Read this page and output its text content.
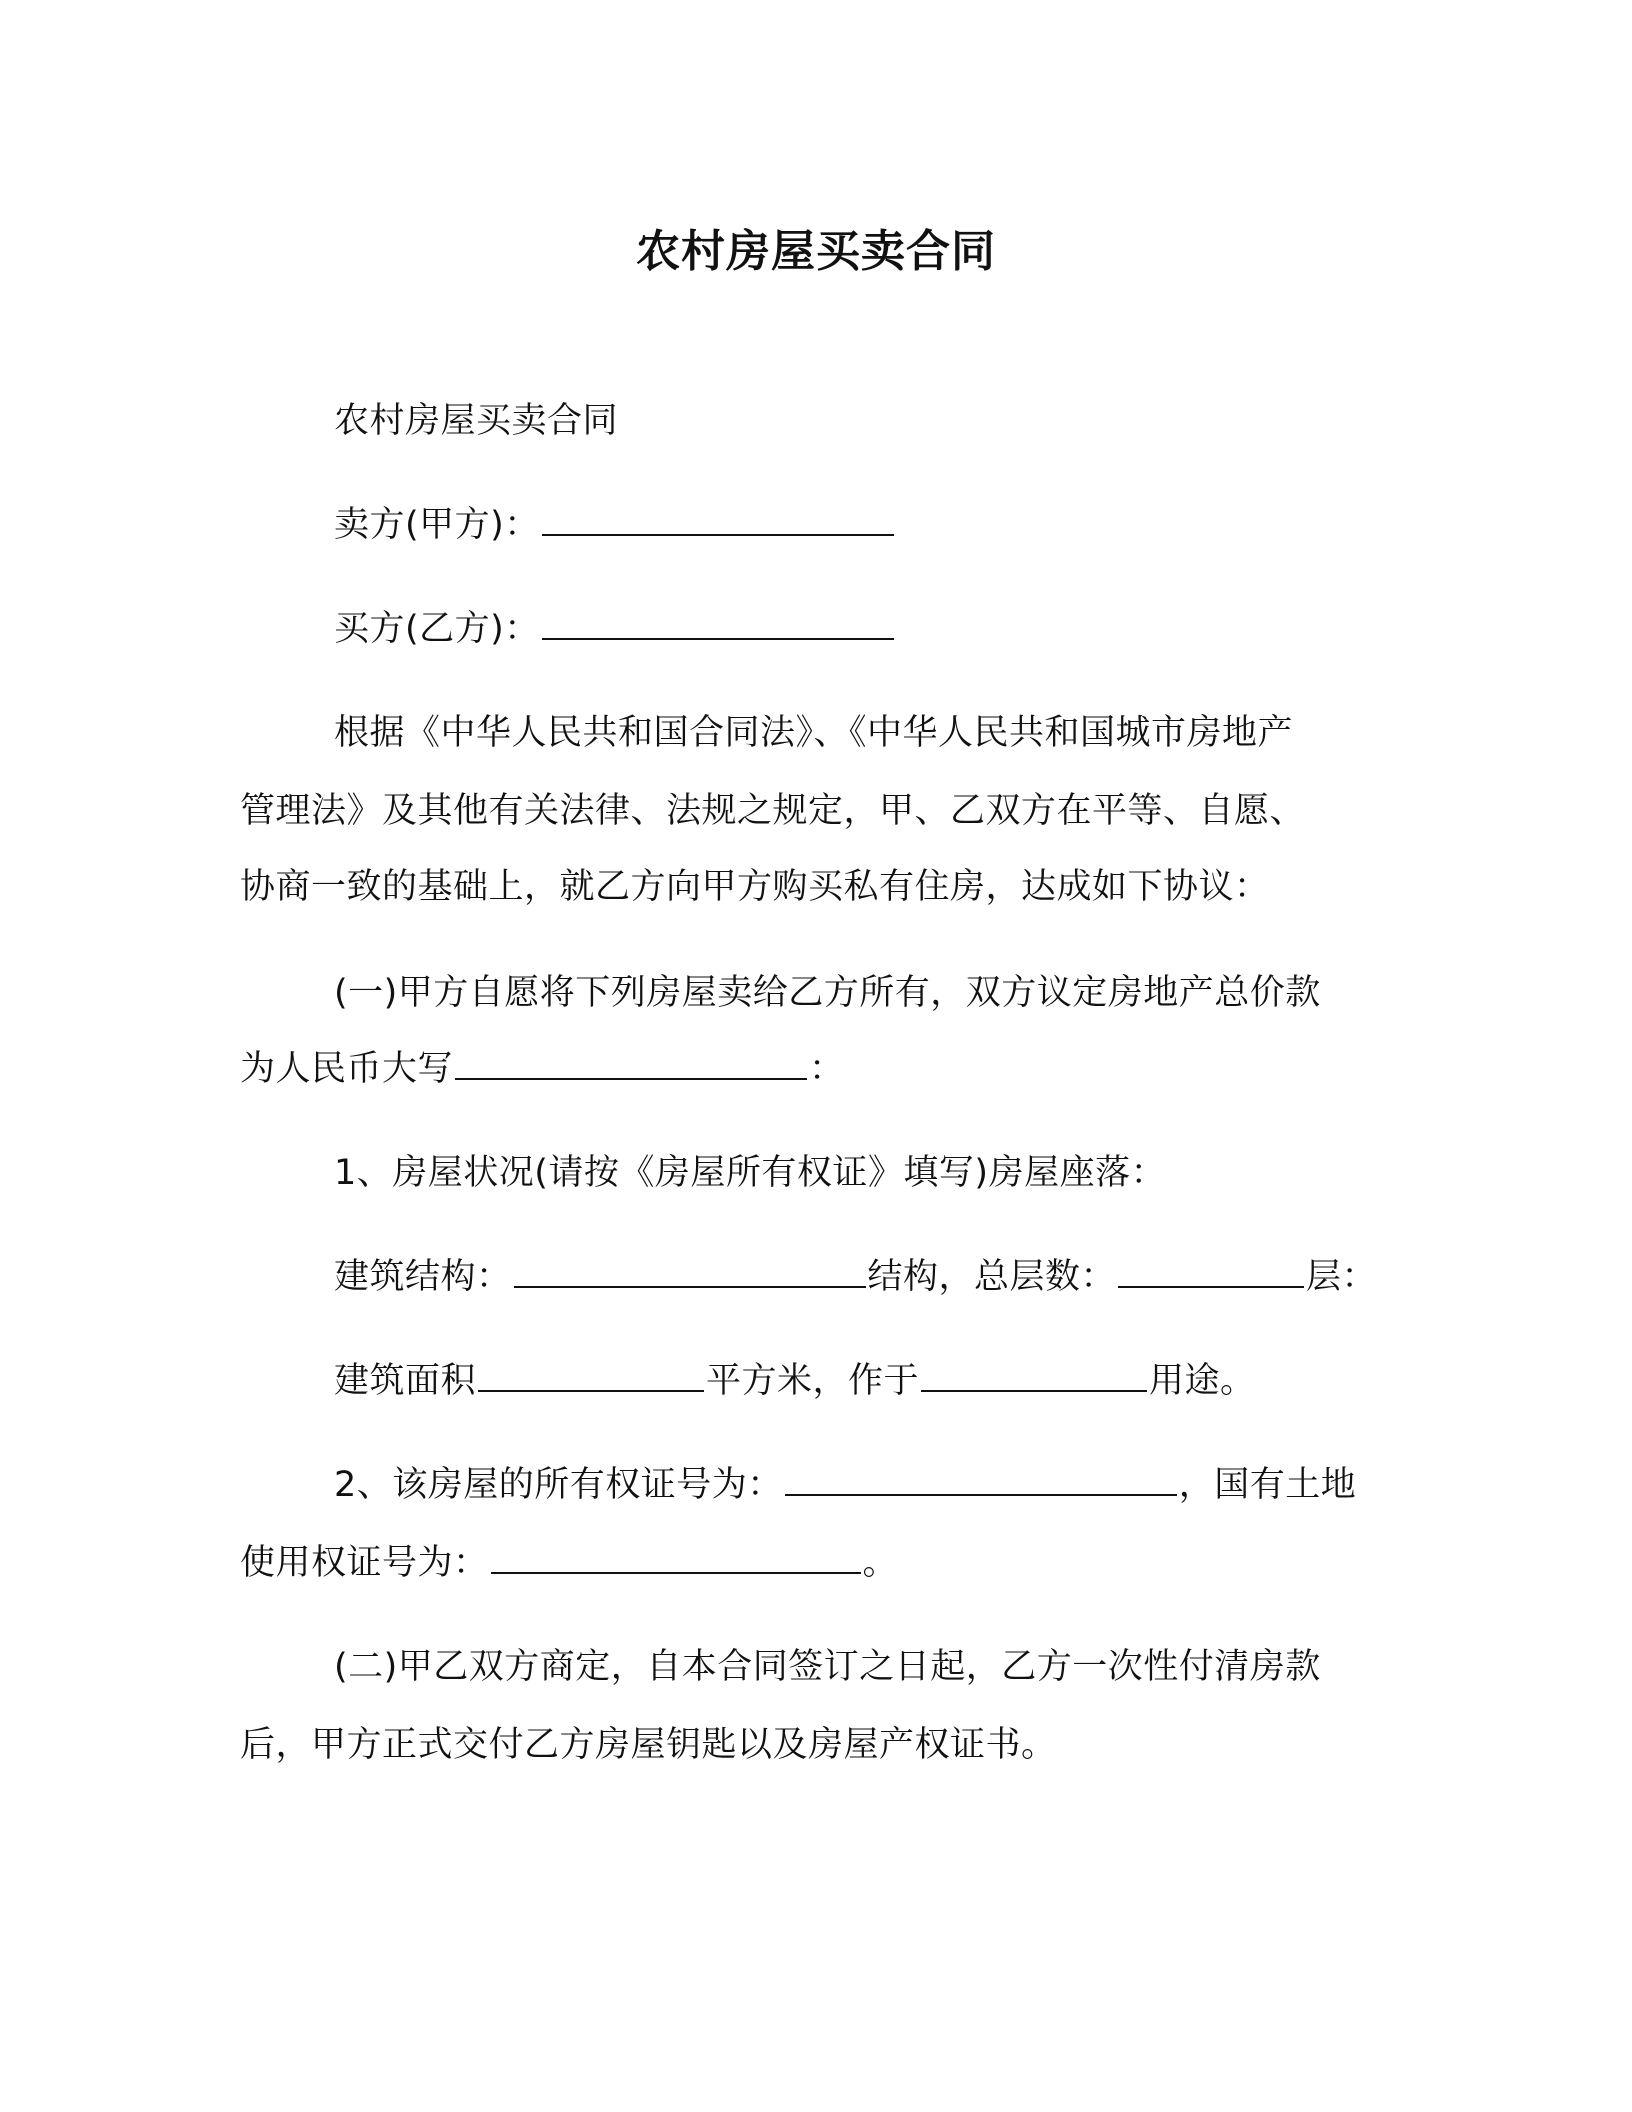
农村房屋买卖合同
农村房屋买卖合同
卖方(甲方)：
买方(乙方)：
根据《中华人民共和国合同法》、《中华人民共和国城市房地产
管理法》及其他有关法律、法规之规定，甲、乙双方在平等、自愿、
协商一致的基础上，就乙方向甲方购买私有住房，达成如下协议：
(一)甲方自愿将下列房屋卖给乙方所有，双方议定房地产总价款
为人民币大写	：
1、房屋状况(请按《房屋所有权证》填写)房屋座落：
建筑结构：	结构，总层数：	层：
建筑面积	平方米，作于	用途。
2、该房屋的所有权证号为：	，国有土地
使用权证号为：	。
(二)甲乙双方商定，自本合同签订之日起，乙方一次性付清房款
后，甲方正式交付乙方房屋钥匙以及房屋产权证书。
